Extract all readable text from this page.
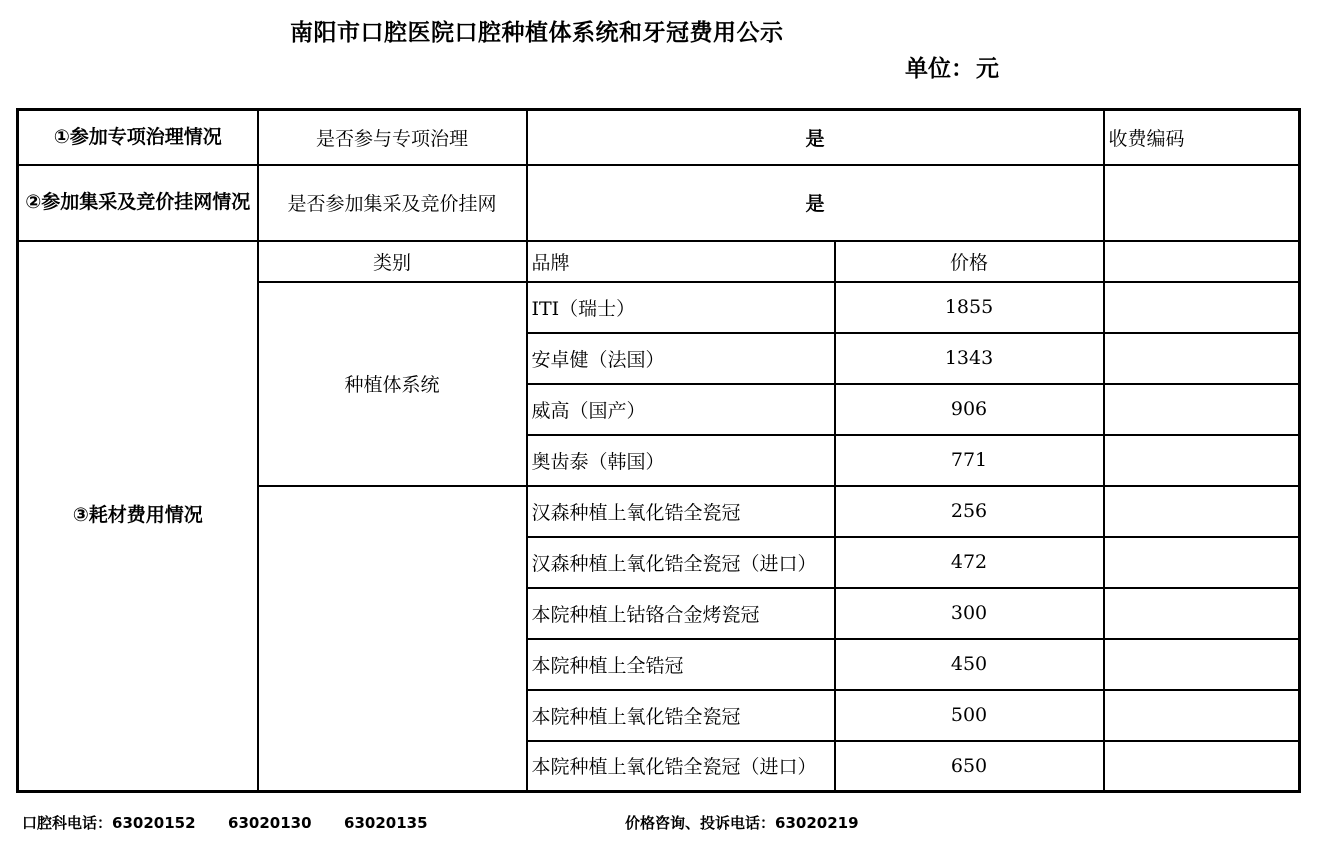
南阳市口腔医院口腔种植体系统和牙冠费用公示
单位：元
①参加专项治理情况	是否参与专项治理	是		收费编码
②参加集采及竞价挂网情况	是否参加集采及竞价挂网	是		
③耗材费用情况	类别	品牌	价格	
	种植体系统	ITI（瑞士）	1855	
		安卓健（法国）	1343	
		威高（国产）	906	
		奥齿泰（韩国）	771	
		汉森种植上氧化锆全瓷冠	256	
		汉森种植上氧化锆全瓷冠（进口）	472	
		本院种植上钴铬合金烤瓷冠	300	
		本院种植上全锆冠	450	
		本院种植上氧化锆全瓷冠	500	
		本院种植上氧化锆全瓷冠（进口）	650	
口腔科电话：63020152 63020130 63020135	价格咨询、投诉电话：63020219
